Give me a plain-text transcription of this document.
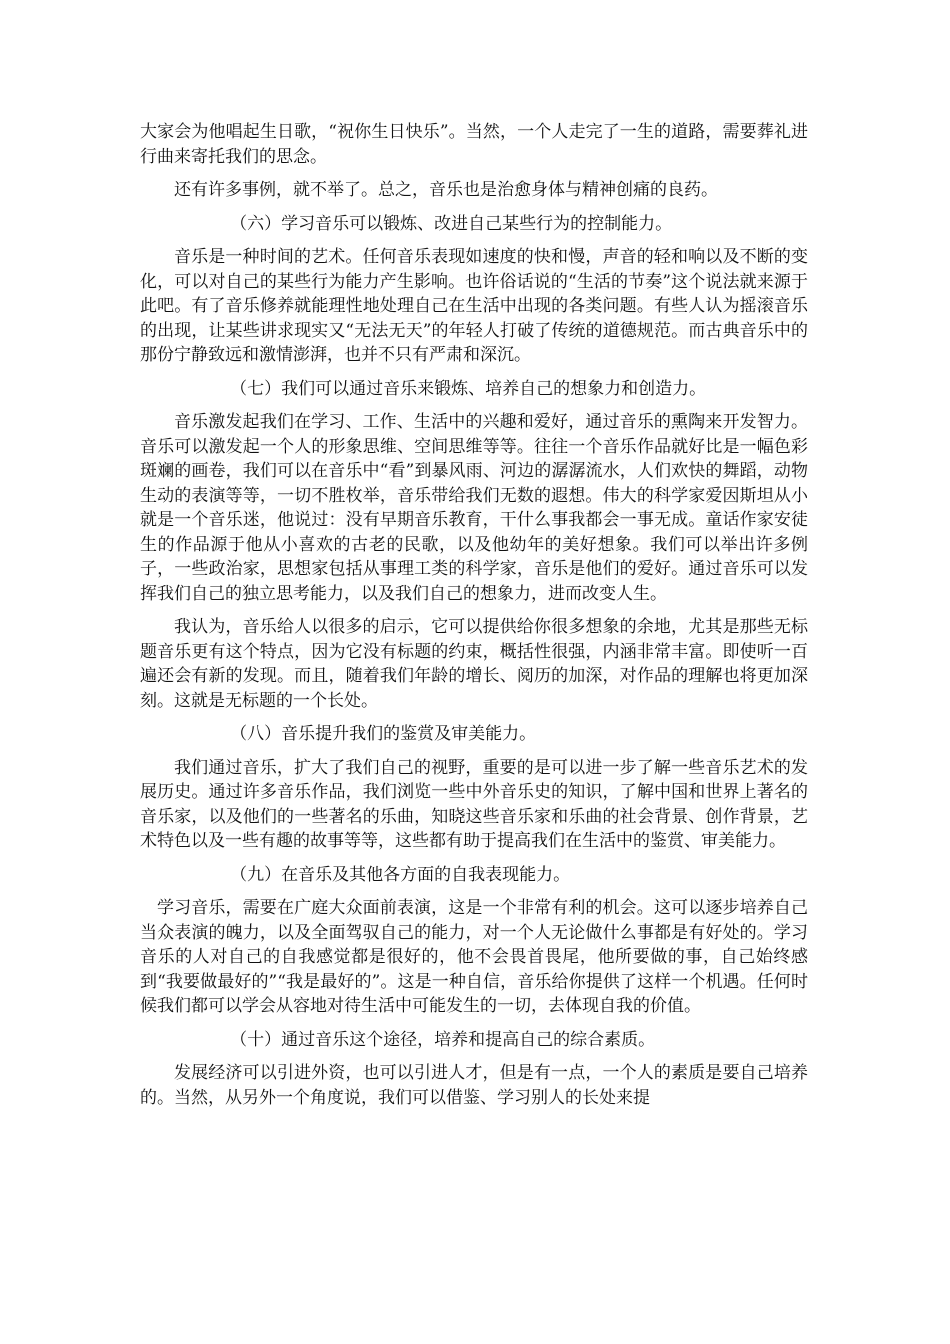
大家会为他唱起生日歌，“祝你生日快乐”。当然，一个人走完了一生的道路，需要葬礼进行曲来寄托我们的思念。

还有许多事例，就不举了。总之，音乐也是治愈身体与精神创痛的良药。

（六）学习音乐可以锻炼、改进自己某些行为的控制能力。

音乐是一种时间的艺术。任何音乐表现如速度的快和慢，声音的轻和响以及不断的变化，可以对自己的某些行为能力产生影响。也许俗话说的“生活的节奏”这个说法就来源于此吧。有了音乐修养就能理性地处理自己在生活中出现的各类问题。有些人认为摇滚音乐的出现，让某些讲求现实又“无法无天”的年轻人打破了传统的道德规范。而古典音乐中的那份宁静致远和激情澎湃，也并不只有严肃和深沉。

（七）我们可以通过音乐来锻炼、培养自己的想象力和创造力。

音乐激发起我们在学习、工作、生活中的兴趣和爱好，通过音乐的熏陶来开发智力。音乐可以激发起一个人的形象思维、空间思维等等。往往一个音乐作品就好比是一幅色彩斑斓的画卷，我们可以在音乐中“看”到暴风雨、河边的潺潺流水，人们欢快的舞蹈，动物生动的表演等等，一切不胜枚举，音乐带给我们无数的遐想。伟大的科学家爱因斯坦从小就是一个音乐迷，他说过：没有早期音乐教育，干什么事我都会一事无成。童话作家安徒生的作品源于他从小喜欢的古老的民歌，以及他幼年的美好想象。我们可以举出许多例子，一些政治家，思想家包括从事理工类的科学家，音乐是他们的爱好。通过音乐可以发挥我们自己的独立思考能力，以及我们自己的想象力，进而改变人生。

我认为，音乐给人以很多的启示，它可以提供给你很多想象的余地，尤其是那些无标题音乐更有这个特点，因为它没有标题的约束，概括性很强，内涵非常丰富。即使听一百遍还会有新的发现。而且，随着我们年龄的增长、阅历的加深，对作品的理解也将更加深刻。这就是无标题的一个长处。

（八）音乐提升我们的鉴赏及审美能力。

我们通过音乐，扩大了我们自己的视野，重要的是可以进一步了解一些音乐艺术的发展历史。通过许多音乐作品，我们浏览一些中外音乐史的知识，了解中国和世界上著名的音乐家，以及他们的一些著名的乐曲，知晓这些音乐家和乐曲的社会背景、创作背景，艺术特色以及一些有趣的故事等等，这些都有助于提高我们在生活中的鉴赏、审美能力。

（九）在音乐及其他各方面的自我表现能力。

学习音乐，需要在广庭大众面前表演，这是一个非常有利的机会。这可以逐步培养自己当众表演的魄力，以及全面驾驭自己的能力，对一个人无论做什么事都是有好处的。学习音乐的人对自己的自我感觉都是很好的，他不会畏首畏尾，他所要做的事，自己始终感到“我要做最好的”“我是最好的”。这是一种自信，音乐给你提供了这样一个机遇。任何时候我们都可以学会从容地对待生活中可能发生的一切，去体现自我的价值。

（十）通过音乐这个途径，培养和提高自己的综合素质。

发展经济可以引进外资，也可以引进人才，但是有一点，一个人的素质是要自己培养的。当然，从另外一个角度说，我们可以借鉴、学习别人的长处来提
